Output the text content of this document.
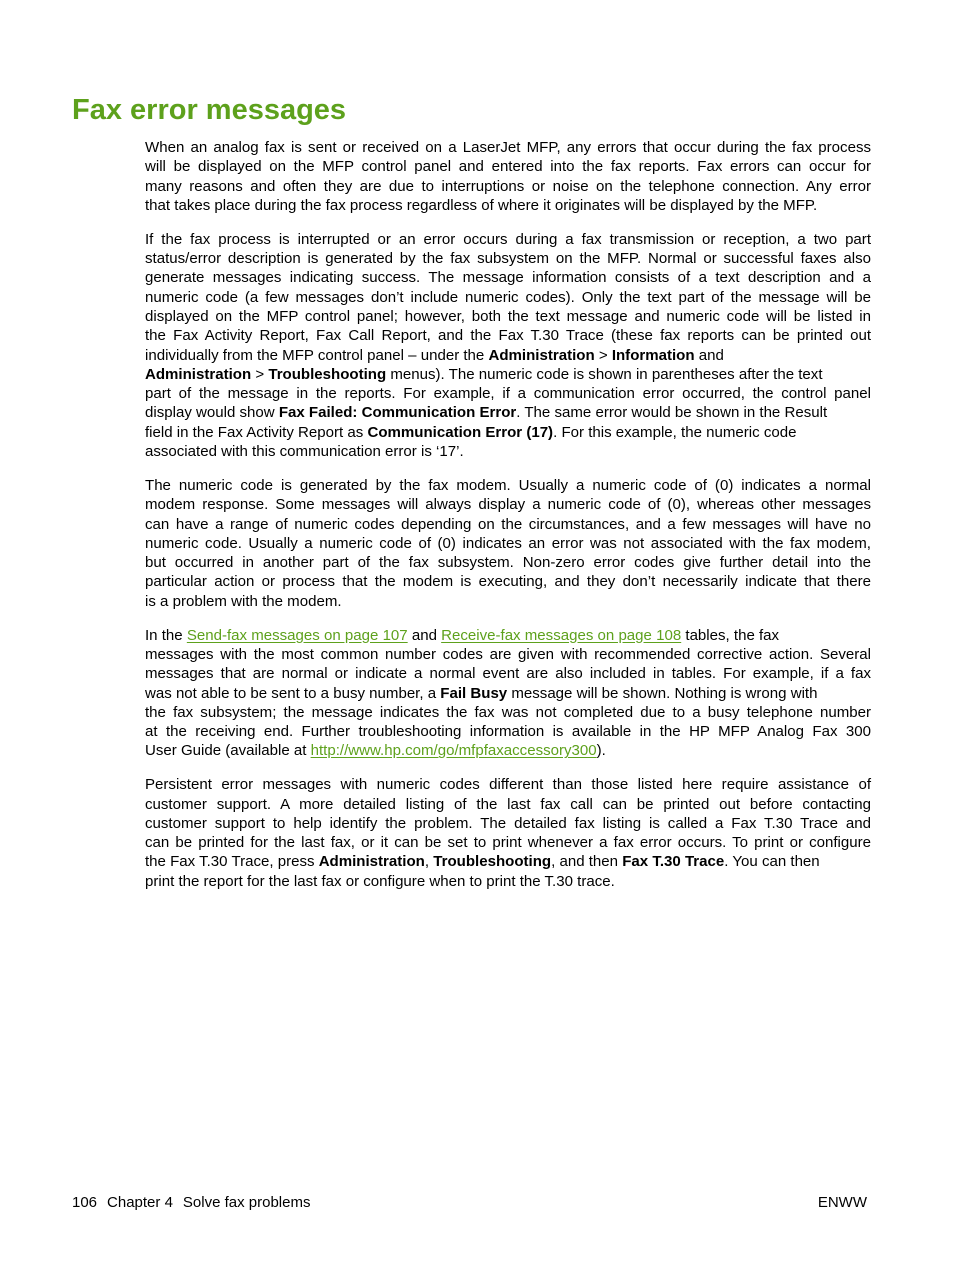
Fax error messages

When an analog fax is sent or received on a LaserJet MFP, any errors that occur during the fax process
will be displayed on the MFP control panel and entered into the fax reports. Fax errors can occur for
many reasons and often they are due to interruptions or noise on the telephone connection. Any error
that takes place during the fax process regardless of where it originates will be displayed by the MFP.

If the fax process is interrupted or an error occurs during a fax transmission or reception, a two part
status/error description is generated by the fax subsystem on the MFP. Normal or successful faxes also
generate messages indicating success. The message information consists of a text description and a
numeric code (a few messages don’t include numeric codes). Only the text part of the message will be
displayed on the MFP control panel; however, both the text message and numeric code will be listed in
the Fax Activity Report, Fax Call Report, and the Fax T.30 Trace (these fax reports can be printed out
individually from the MFP control panel – under the Administration > Information and
Administration > Troubleshooting menus). The numeric code is shown in parentheses after the text
part of the message in the reports. For example, if a communication error occurred, the control panel
display would show Fax Failed: Communication Error. The same error would be shown in the Result
field in the Fax Activity Report as Communication Error (17). For this example, the numeric code
associated with this communication error is ‘17’.

The numeric code is generated by the fax modem. Usually a numeric code of (0) indicates a normal
modem response. Some messages will always display a numeric code of (0), whereas other messages
can have a range of numeric codes depending on the circumstances, and a few messages will have no
numeric code. Usually a numeric code of (0) indicates an error was not associated with the fax modem,
but occurred in another part of the fax subsystem. Non-zero error codes give further detail into the
particular action or process that the modem is executing, and they don’t necessarily indicate that there
is a problem with the modem.

In the Send-fax messages on page 107 and Receive-fax messages on page 108 tables, the fax
messages with the most common number codes are given with recommended corrective action. Several
messages that are normal or indicate a normal event are also included in tables. For example, if a fax
was not able to be sent to a busy number, a Fail Busy message will be shown. Nothing is wrong with
the fax subsystem; the message indicates the fax was not completed due to a busy telephone number
at the receiving end. Further troubleshooting information is available in the HP MFP Analog Fax 300
User Guide (available at http://www.hp.com/go/mfpfaxaccessory300).

Persistent error messages with numeric codes different than those listed here require assistance of
customer support. A more detailed listing of the last fax call can be printed out before contacting
customer support to help identify the problem. The detailed fax listing is called a Fax T.30 Trace and
can be printed for the last fax, or it can be set to print whenever a fax error occurs. To print or configure
the Fax T.30 Trace, press Administration, Troubleshooting, and then Fax T.30 Trace. You can then
print the report for the last fax or configure when to print the T.30 trace.

106 Chapter 4 Solve fax problems	ENWW
